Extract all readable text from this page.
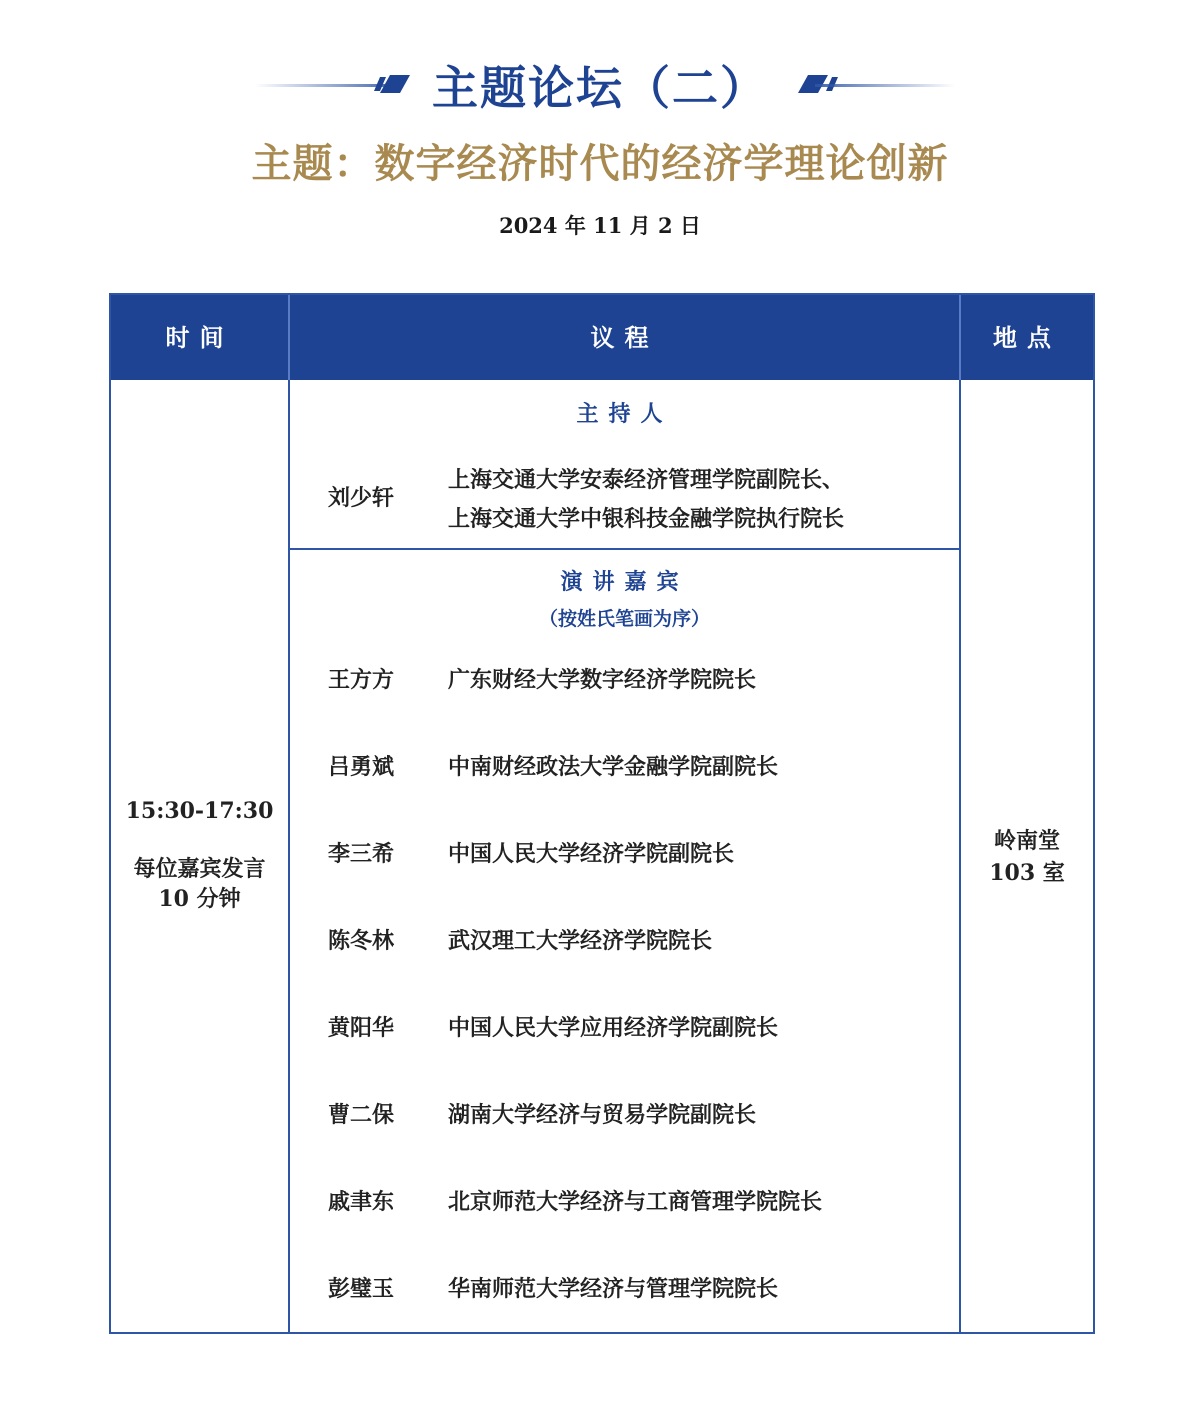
主题论坛（二）
主题：数字经济时代的经济学理论创新
2024 年 11 月 2 日
时间	议程	地点
15:30-17:30
每位嘉宾发言
10 分钟
岭南堂
103 室
主持人
刘少轩
上海交通大学安泰经济管理学院副院长、
上海交通大学中银科技金融学院执行院长
演讲嘉宾
（按姓氏笔画为序）
王方方 广东财经大学数字经济学院院长
吕勇斌 中南财经政法大学金融学院副院长
李三希 中国人民大学经济学院副院长
陈冬林 武汉理工大学经济学院院长
黄阳华 中国人民大学应用经济学院副院长
曹二保 湖南大学经济与贸易学院副院长
戚聿东 北京师范大学经济与工商管理学院院长
彭璧玉 华南师范大学经济与管理学院院长
